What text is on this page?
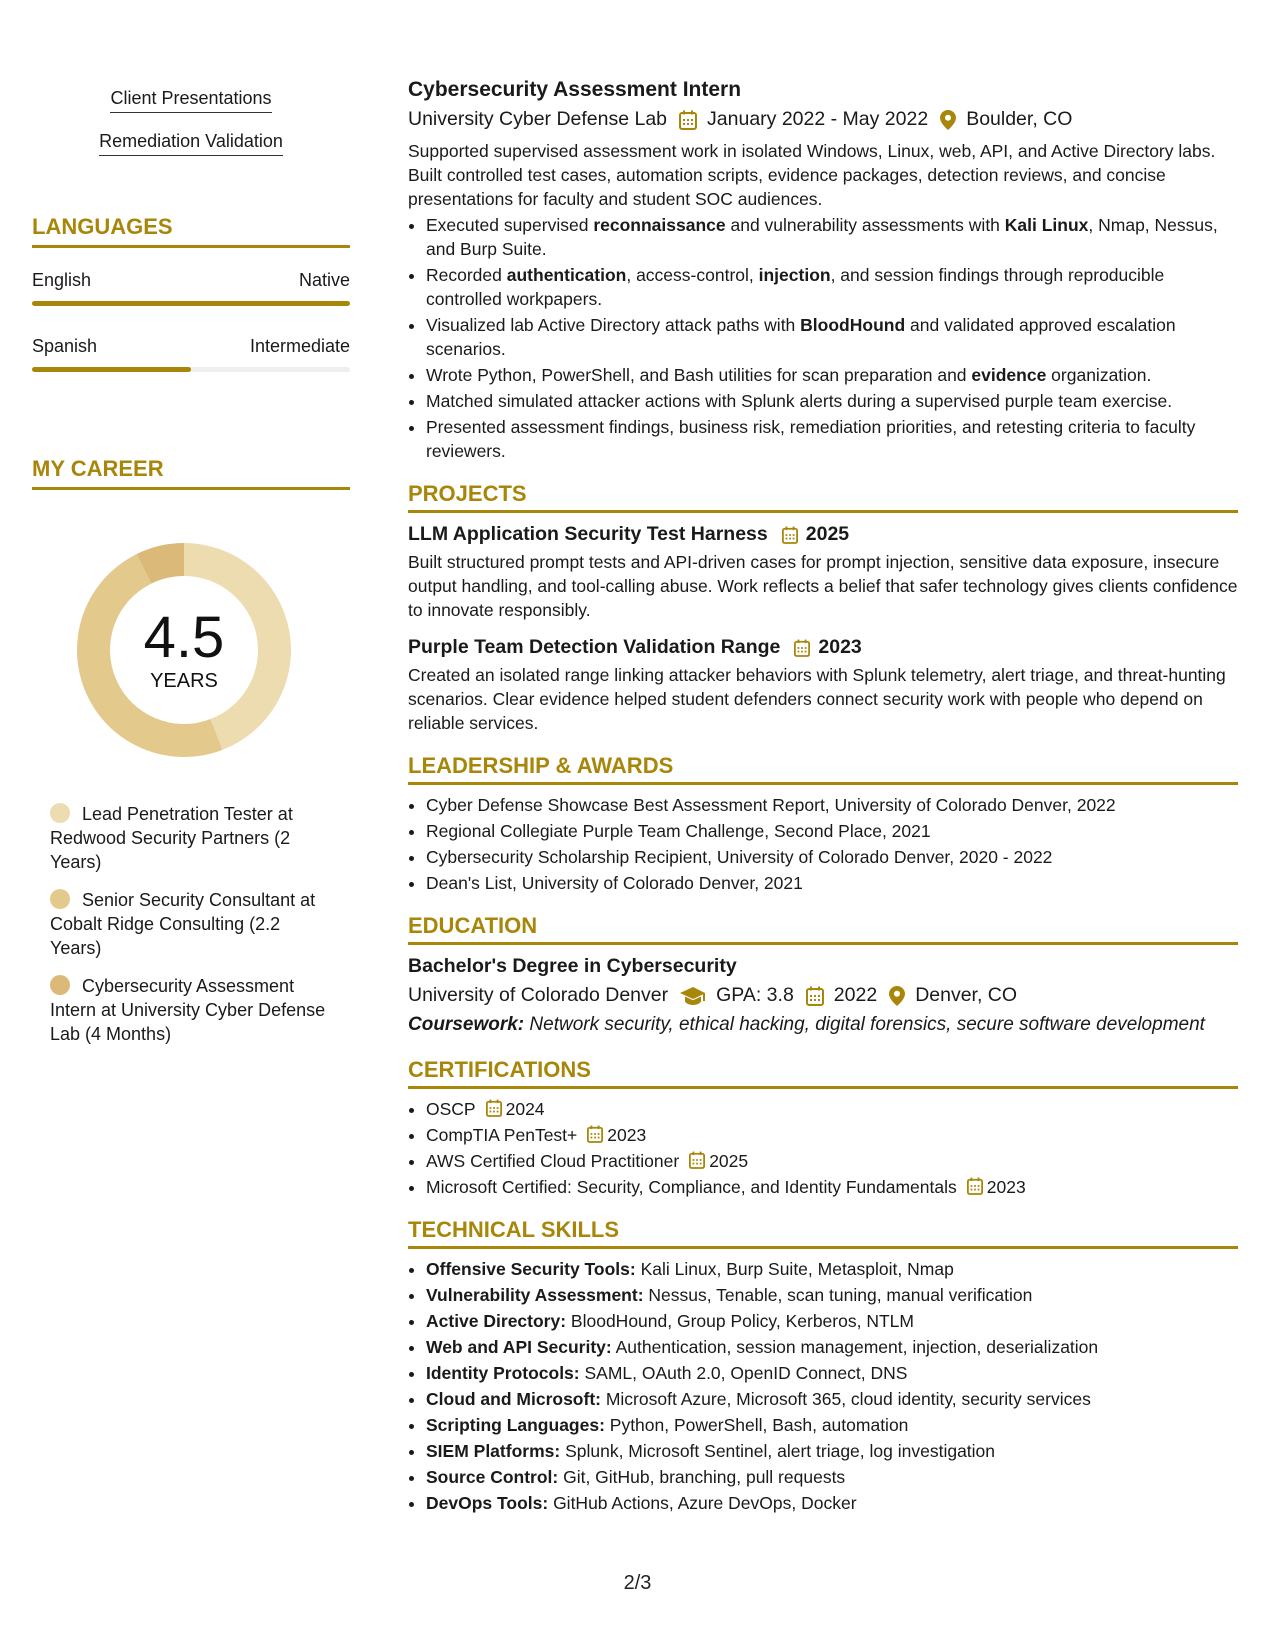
Client Presentations
Remediation Validation
LANGUAGES
English	Native
Spanish	Intermediate
MY CAREER
4.5
YEARS
Lead Penetration Tester at Redwood Security Partners (2 Years)
Senior Security Consultant at Cobalt Ridge Consulting (2.2 Years)
Cybersecurity Assessment Intern at University Cyber Defense Lab (4 Months)
Cybersecurity Assessment Intern
University Cyber Defense Lab January 2022 - May 2022 Boulder, CO
Supported supervised assessment work in isolated Windows, Linux, web, API, and Active Directory labs. Built controlled test cases, automation scripts, evidence packages, detection reviews, and concise presentations for faculty and student SOC audiences.
• Executed supervised reconnaissance and vulnerability assessments with Kali Linux, Nmap, Nessus, and Burp Suite.
• Recorded authentication, access-control, injection, and session findings through reproducible controlled workpapers.
• Visualized lab Active Directory attack paths with BloodHound and validated approved escalation scenarios.
• Wrote Python, PowerShell, and Bash utilities for scan preparation and evidence organization.
• Matched simulated attacker actions with Splunk alerts during a supervised purple team exercise.
• Presented assessment findings, business risk, remediation priorities, and retesting criteria to faculty reviewers.
PROJECTS
LLM Application Security Test Harness 2025
Built structured prompt tests and API-driven cases for prompt injection, sensitive data exposure, insecure output handling, and tool-calling abuse. Work reflects a belief that safer technology gives clients confidence to innovate responsibly.
Purple Team Detection Validation Range 2023
Created an isolated range linking attacker behaviors with Splunk telemetry, alert triage, and threat-hunting scenarios. Clear evidence helped student defenders connect security work with people who depend on reliable services.
LEADERSHIP & AWARDS
• Cyber Defense Showcase Best Assessment Report, University of Colorado Denver, 2022
• Regional Collegiate Purple Team Challenge, Second Place, 2021
• Cybersecurity Scholarship Recipient, University of Colorado Denver, 2020 - 2022
• Dean's List, University of Colorado Denver, 2021
EDUCATION
Bachelor's Degree in Cybersecurity
University of Colorado Denver GPA: 3.8 2022 Denver, CO
Coursework: Network security, ethical hacking, digital forensics, secure software development
CERTIFICATIONS
• OSCP 2024
• CompTIA PenTest+ 2023
• AWS Certified Cloud Practitioner 2025
• Microsoft Certified: Security, Compliance, and Identity Fundamentals 2023
TECHNICAL SKILLS
• Offensive Security Tools: Kali Linux, Burp Suite, Metasploit, Nmap
• Vulnerability Assessment: Nessus, Tenable, scan tuning, manual verification
• Active Directory: BloodHound, Group Policy, Kerberos, NTLM
• Web and API Security: Authentication, session management, injection, deserialization
• Identity Protocols: SAML, OAuth 2.0, OpenID Connect, DNS
• Cloud and Microsoft: Microsoft Azure, Microsoft 365, cloud identity, security services
• Scripting Languages: Python, PowerShell, Bash, automation
• SIEM Platforms: Splunk, Microsoft Sentinel, alert triage, log investigation
• Source Control: Git, GitHub, branching, pull requests
• DevOps Tools: GitHub Actions, Azure DevOps, Docker
2/3
